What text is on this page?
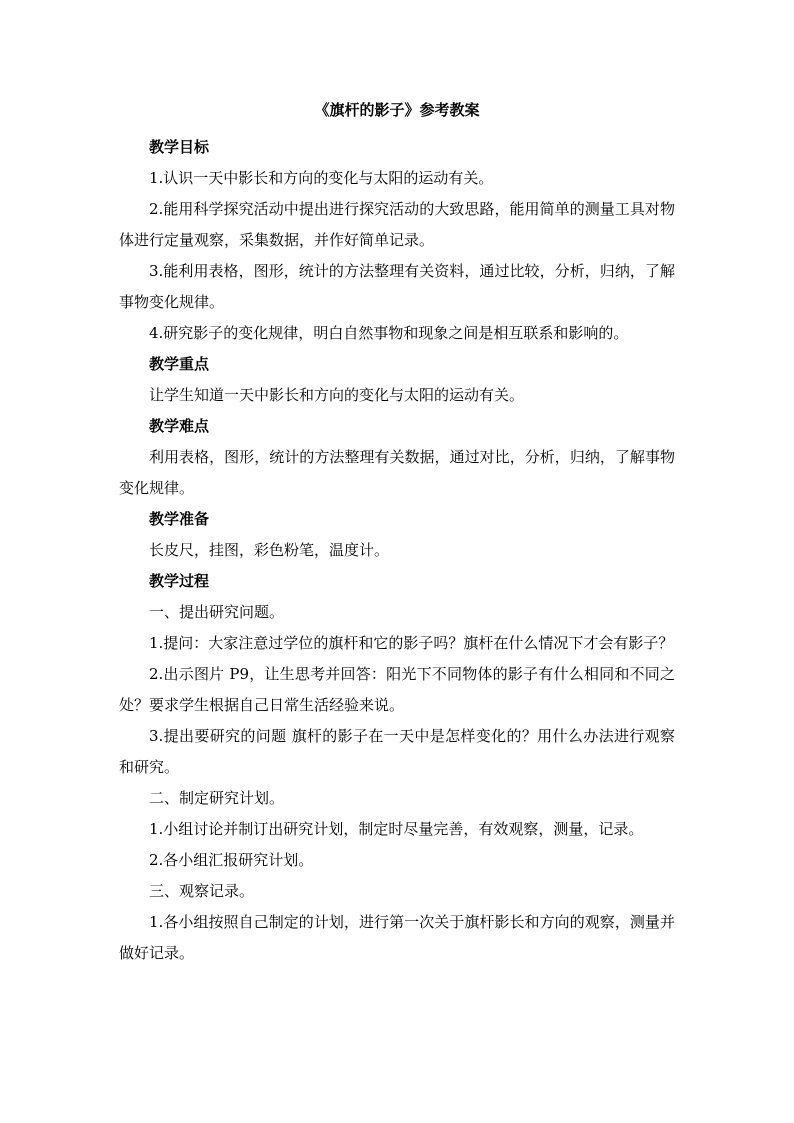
《旗杆的影子》参考教案
教学目标
1.认识一天中影长和方向的变化与太阳的运动有关。
2.能用科学探究活动中提出进行探究活动的大致思路，能用简单的测量工具对物体进行定量观察，采集数据，并作好简单记录。
3.能利用表格，图形，统计的方法整理有关资料，通过比较，分析，归纳，了解事物变化规律。
4.研究影子的变化规律，明白自然事物和现象之间是相互联系和影响的。
教学重点
让学生知道一天中影长和方向的变化与太阳的运动有关。
教学难点
利用表格，图形，统计的方法整理有关数据，通过对比，分析，归纳，了解事物变化规律。
教学准备
长皮尺，挂图，彩色粉笔，温度计。
教学过程
一、提出研究问题。
1.提问：大家注意过学位的旗杆和它的影子吗？旗杆在什么情况下才会有影子？
2.出示图片 P9，让生思考并回答：阳光下不同物体的影子有什么相同和不同之处？要求学生根据自己日常生活经验来说。
3.提出要研究的问题 旗杆的影子在一天中是怎样变化的？用什么办法进行观察和研究。
二、制定研究计划。
1.小组讨论并制订出研究计划，制定时尽量完善，有效观察，测量，记录。
2.各小组汇报研究计划。
三、观察记录。
1.各小组按照自己制定的计划，进行第一次关于旗杆影长和方向的观察，测量并做好记录。
